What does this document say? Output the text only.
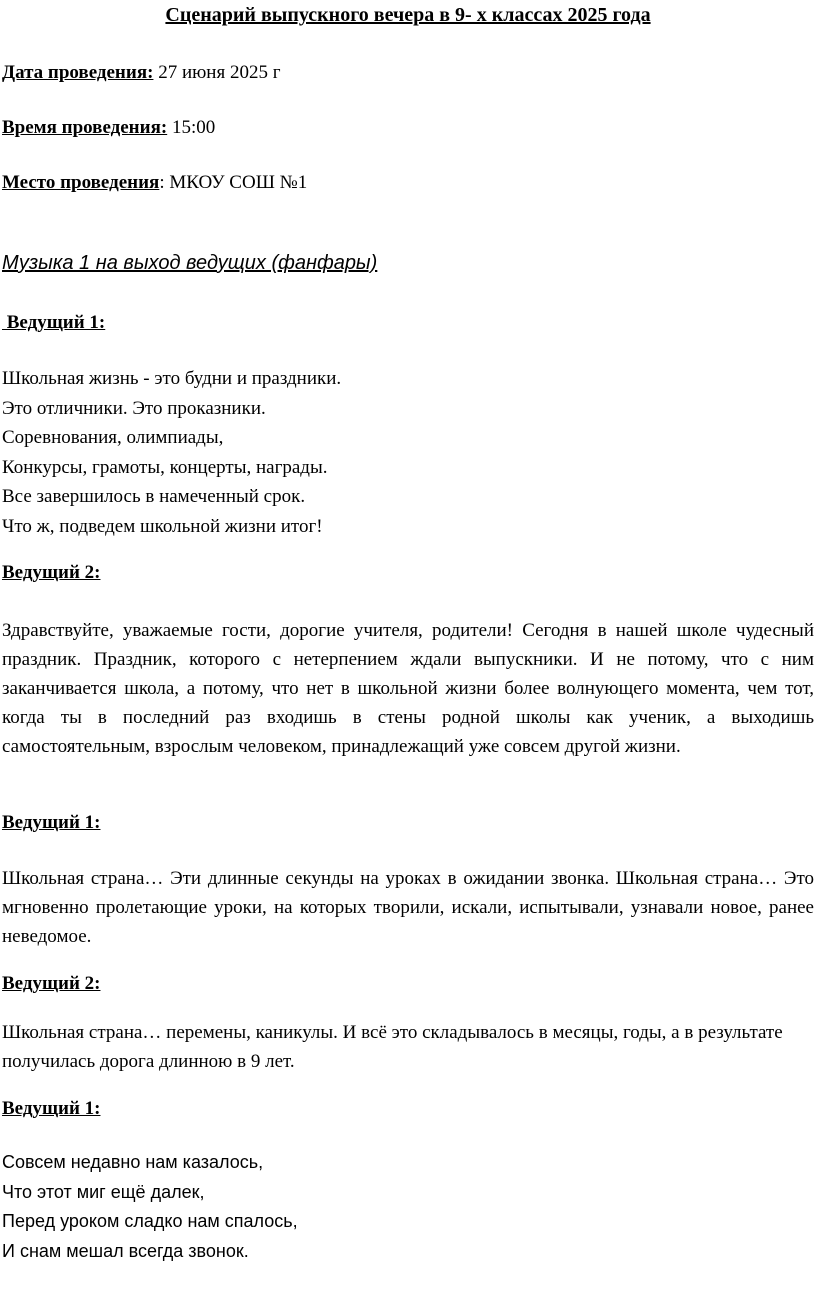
Сценарий выпускного вечера в 9- х классах 2025 года
Дата проведения: 27 июня 2025 г
Время проведения: 15:00
Место проведения: МКОУ СОШ №1
Музыка 1 на выход ведущих (фанфары)
Ведущий 1:
Школьная жизнь - это будни и праздники.
Это отличники. Это проказники.
Соревнования, олимпиады,
Конкурсы, грамоты, концерты, награды.
Все завершилось в намеченный срок.
Что ж, подведем школьной жизни итог!
Ведущий 2:
Здравствуйте, уважаемые гости, дорогие учителя, родители! Сегодня в нашей школе чудесный праздник. Праздник, которого с нетерпением ждали выпускники. И не потому, что с ним заканчивается школа, а потому, что нет в школьной жизни более волнующего момента, чем тот, когда ты в последний раз входишь в стены родной школы как ученик, а выходишь самостоятельным, взрослым человеком, принадлежащий уже совсем другой жизни.
Ведущий 1:
Школьная страна… Эти длинные секунды на уроках в ожидании звонка. Школьная страна… Это мгновенно пролетающие уроки, на которых творили, искали, испытывали, узнавали новое, ранее неведомое.
Ведущий 2:
Школьная страна… перемены, каникулы. И всё это складывалось в месяцы, годы, а в результате получилась дорога длинною в 9 лет.
Ведущий 1:
Совсем недавно нам казалось,
Что этот миг ещё далек,
Перед уроком сладко нам спалось,
И снам мешал всегда звонок.
